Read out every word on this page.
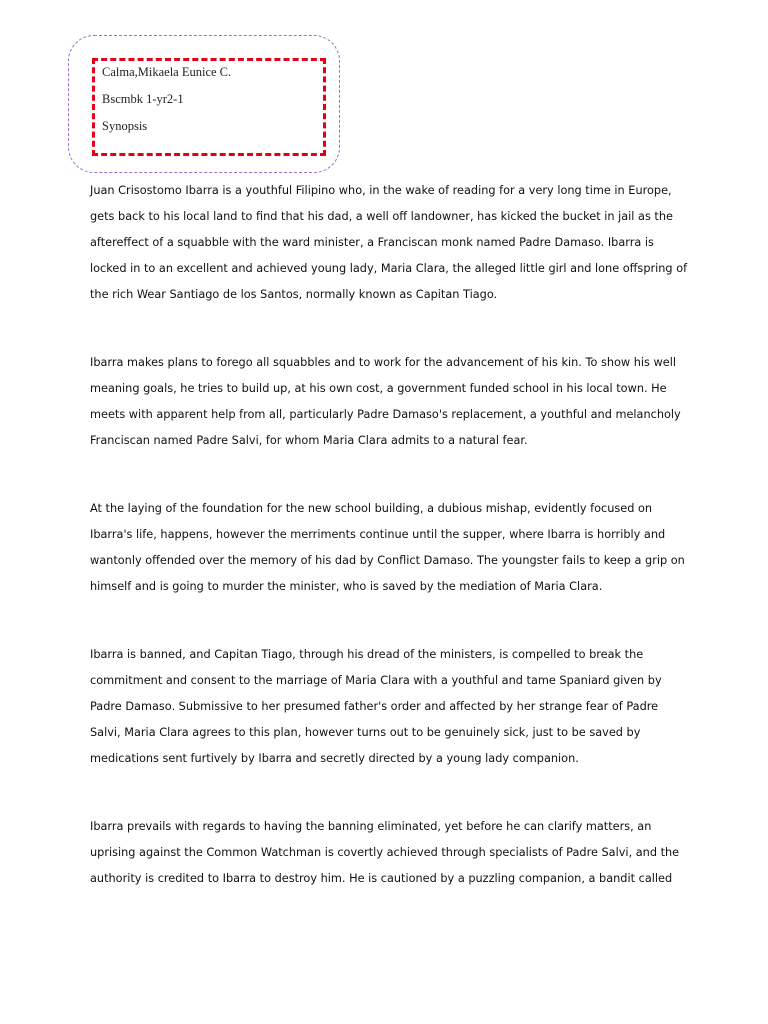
Calma,Mikaela Eunice C.
Bscmbk 1-yr2-1
Synopsis

Juan Crisostomo Ibarra is a youthful Filipino who, in the wake of reading for a very long time in Europe, gets back to his local land to find that his dad, a well off landowner, has kicked the bucket in jail as the aftereffect of a squabble with the ward minister, a Franciscan monk named Padre Damaso. Ibarra is locked in to an excellent and achieved young lady, Maria Clara, the alleged little girl and lone offspring of the rich Wear Santiago de los Santos, normally known as Capitan Tiago.

Ibarra makes plans to forego all squabbles and to work for the advancement of his kin. To show his well meaning goals, he tries to build up, at his own cost, a government funded school in his local town. He meets with apparent help from all, particularly Padre Damaso's replacement, a youthful and melancholy Franciscan named Padre Salvi, for whom Maria Clara admits to a natural fear.

At the laying of the foundation for the new school building, a dubious mishap, evidently focused on Ibarra's life, happens, however the merriments continue until the supper, where Ibarra is horribly and wantonly offended over the memory of his dad by Conflict Damaso. The youngster fails to keep a grip on himself and is going to murder the minister, who is saved by the mediation of Maria Clara.

Ibarra is banned, and Capitan Tiago, through his dread of the ministers, is compelled to break the commitment and consent to the marriage of Maria Clara with a youthful and tame Spaniard given by Padre Damaso. Submissive to her presumed father's order and affected by her strange fear of Padre Salvi, Maria Clara agrees to this plan, however turns out to be genuinely sick, just to be saved by medications sent furtively by Ibarra and secretly directed by a young lady companion.

Ibarra prevails with regards to having the banning eliminated, yet before he can clarify matters, an uprising against the Common Watchman is covertly achieved through specialists of Padre Salvi, and the authority is credited to Ibarra to destroy him. He is cautioned by a puzzling companion, a bandit called
